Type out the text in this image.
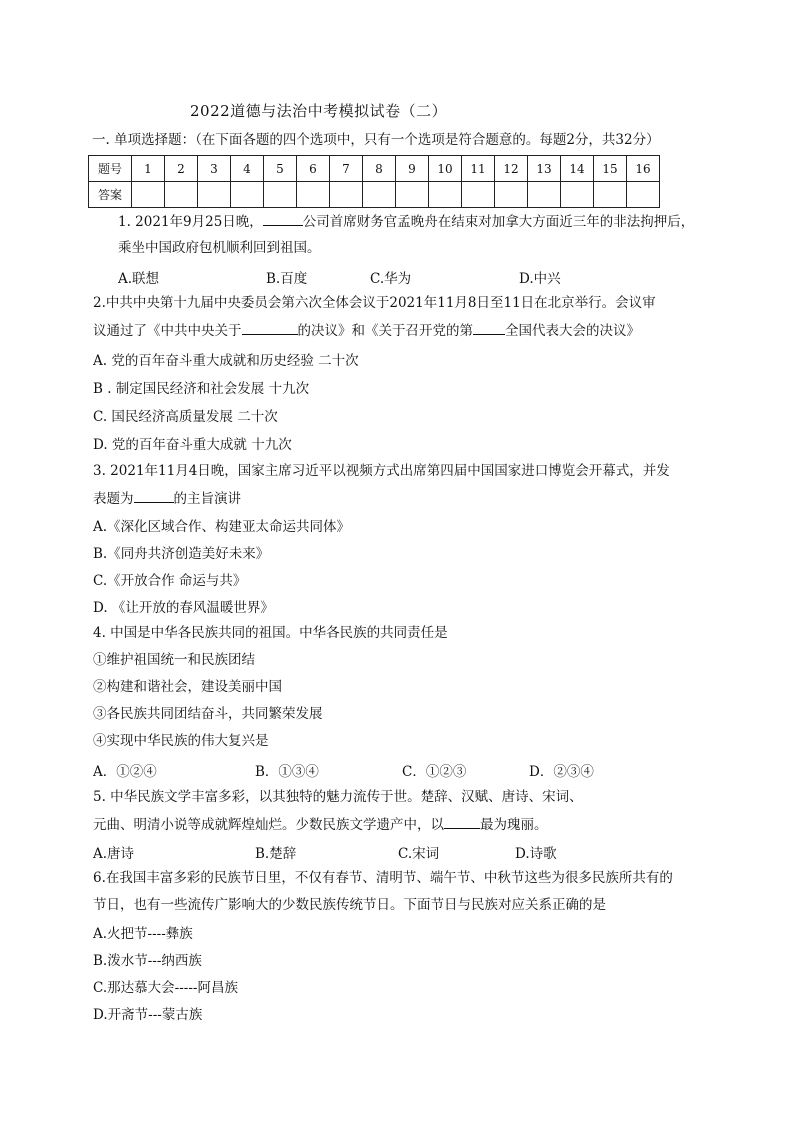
2022道德与法治中考模拟试卷（二）
一. 单项选择题：（在下面各题的四个选项中，只有一个选项是符合题意的。每题2分，共32分）
题号	1	2	3	4	5	6	7	8	9	10	11	12	13	14	15	16
答案																
1. 2021年9月25日晚，	公司首席财务官孟晚舟在结束对加拿大方面近三年的非法拘押后，
乘坐中国政府包机顺利回到祖国。
A.联想	B.百度	C.华为	D.中兴
2.中共中央第十九届中央委员会第六次全体会议于2021年11月8日至11日在北京举行。会议审
议通过了《中共中央关于	的决议》和《关于召开党的第 全国代表大会的决议》
A. 党的百年奋斗重大成就和历史经验 二十次
B . 制定国民经济和社会发展 十九次
C. 国民经济高质量发展 二十次
D. 党的百年奋斗重大成就 十九次
3. 2021年11月4日晚，国家主席习近平以视频方式出席第四届中国国家进口博览会开幕式，并发
表题为	的主旨演讲
A.《深化区域合作、构建亚太命运共同体》
B.《同舟共济创造美好未来》
C.《开放合作 命运与共》
D. 《让开放的春风温暖世界》
4. 中国是中华各民族共同的祖国。中华各民族的共同责任是
①维护祖国统一和民族团结
②构建和谐社会，建设美丽中国
③各民族共同团结奋斗，共同繁荣发展
④实现中华民族的伟大复兴是
A．①②④	B．①③④	C．①②③	D．②③④
5. 中华民族文学丰富多彩，以其独特的魅力流传于世。楚辞、汉赋、唐诗、宋词、
元曲、明清小说等成就辉煌灿烂。少数民族文学遗产中，以	最为瑰丽。
A.唐诗	B.楚辞	C.宋词	D.诗歌
6.在我国丰富多彩的民族节日里，不仅有春节、清明节、端午节、中秋节这些为很多民族所共有的
节日，也有一些流传广影响大的少数民族传统节日。下面节日与民族对应关系正确的是
A.火把节----彝族
B.泼水节---纳西族
C.那达慕大会-----阿昌族
D.开斋节---蒙古族
